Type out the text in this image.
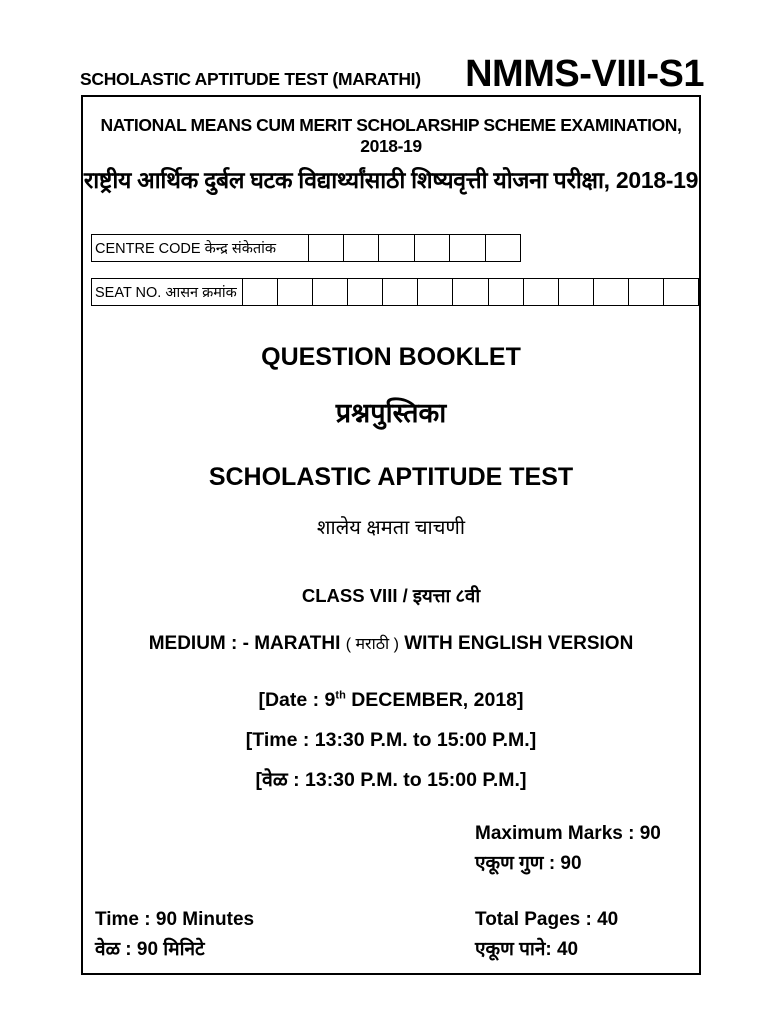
SCHOLASTIC APTITUDE TEST (MARATHI) NMMS-VIII-S1
NATIONAL MEANS CUM MERIT SCHOLARSHIP SCHEME EXAMINATION, 2018-19
राष्ट्रीय आर्थिक दुर्बल घटक विद्यार्थ्यांसाठी शिष्यवृत्ती योजना परीक्षा, 2018-19
CENTRE CODE केन्द्र संकेतांक
SEAT NO. आसन क्रमांक
QUESTION BOOKLET
प्रश्नपुस्तिका
SCHOLASTIC APTITUDE TEST
शालेय क्षमता चाचणी
CLASS VIII / इयत्ता ८वी
MEDIUM : - MARATHI ( मराठी ) WITH ENGLISH VERSION
[Date : 9th DECEMBER, 2018]
[Time : 13:30 P.M. to 15:00 P.M.]
[वेळ : 13:30 P.M. to 15:00 P.M.]
Maximum Marks : 90
एकूण गुण : 90
Time : 90 Minutes
वेळ : 90 मिनिटे
Total Pages : 40
एकूण पाने: 40
